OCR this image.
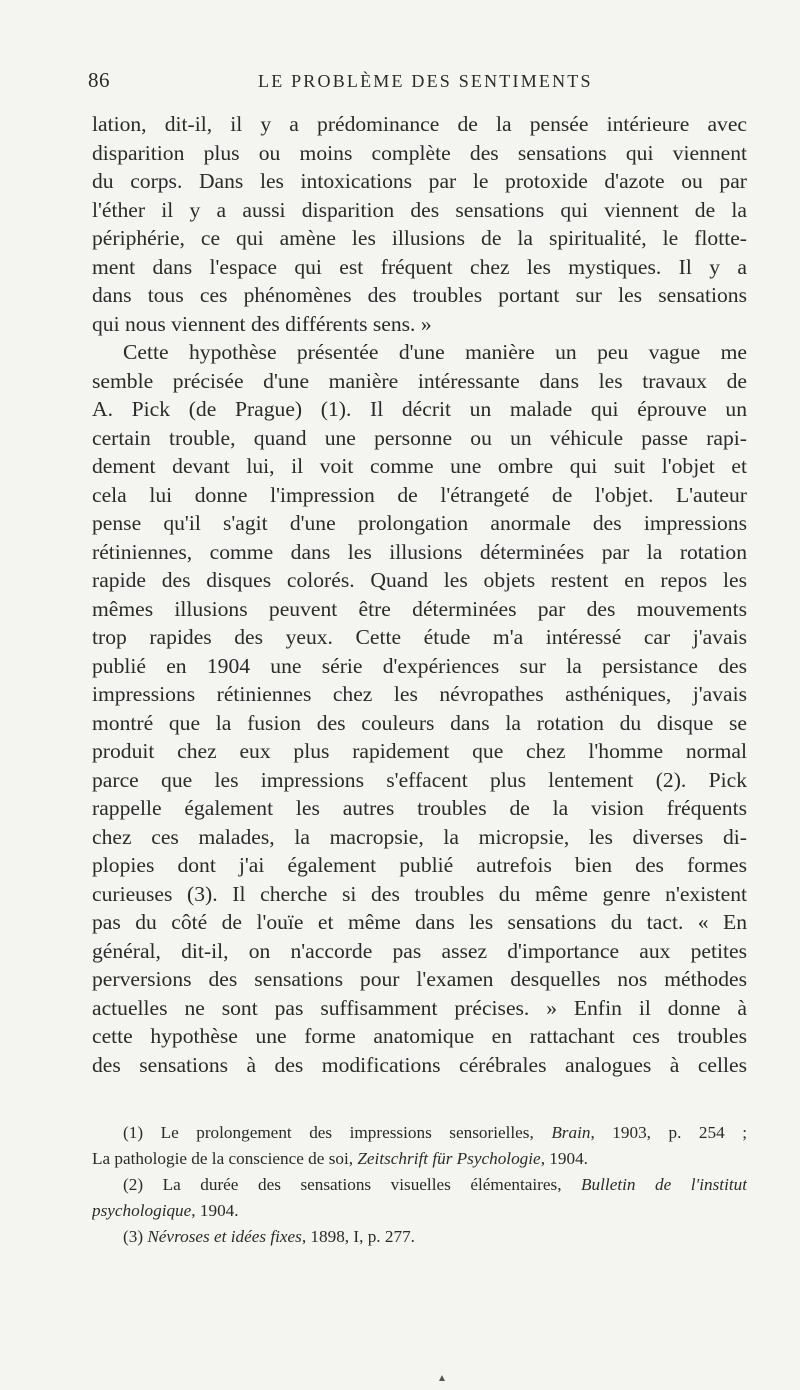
86	LE PROBLÈME DES SENTIMENTS
lation, dit-il, il y a prédominance de la pensée intérieure avec
disparition plus ou moins complète des sensations qui viennent
du corps. Dans les intoxications par le protoxide d'azote ou par
l'éther il y a aussi disparition des sensations qui viennent de la
périphérie, ce qui amène les illusions de la spiritualité, le flotte-
ment dans l'espace qui est fréquent chez les mystiques. Il y a
dans tous ces phénomènes des troubles portant sur les sensations
qui nous viennent des différents sens. »
Cette hypothèse présentée d'une manière un peu vague me
semble précisée d'une manière intéressante dans les travaux de
A. Pick (de Prague) (1). Il décrit un malade qui éprouve un
certain trouble, quand une personne ou un véhicule passe rapi-
dement devant lui, il voit comme une ombre qui suit l'objet et
cela lui donne l'impression de l'étrangeté de l'objet. L'auteur
pense qu'il s'agit d'une prolongation anormale des impressions
rétiniennes, comme dans les illusions déterminées par la rotation
rapide des disques colorés. Quand les objets restent en repos les
mêmes illusions peuvent être déterminées par des mouvements
trop rapides des yeux. Cette étude m'a intéressé car j'avais
publié en 1904 une série d'expériences sur la persistance des
impressions rétiniennes chez les névropathes asthéniques, j'avais
montré que la fusion des couleurs dans la rotation du disque se
produit chez eux plus rapidement que chez l'homme normal
parce que les impressions s'effacent plus lentement (2). Pick
rappelle également les autres troubles de la vision fréquents
chez ces malades, la macropsie, la micropsie, les diverses di-
plopies dont j'ai également publié autrefois bien des formes
curieuses (3). Il cherche si des troubles du même genre n'existent
pas du côté de l'ouïe et même dans les sensations du tact. « En
général, dit-il, on n'accorde pas assez d'importance aux petites
perversions des sensations pour l'examen desquelles nos méthodes
actuelles ne sont pas suffisamment précises. » Enfin il donne à
cette hypothèse une forme anatomique en rattachant ces troubles
des sensations à des modifications cérébrales analogues à celles
(1) Le prolongement des impressions sensorielles, Brain, 1903, p. 254 ;
La pathologie de la conscience de soi, Zeitschrift für Psychologie, 1904.
(2) La durée des sensations visuelles élémentaires, Bulletin de l'institut
psychologique, 1904.
(3) Névroses et idées fixes, 1898, I, p. 277.
